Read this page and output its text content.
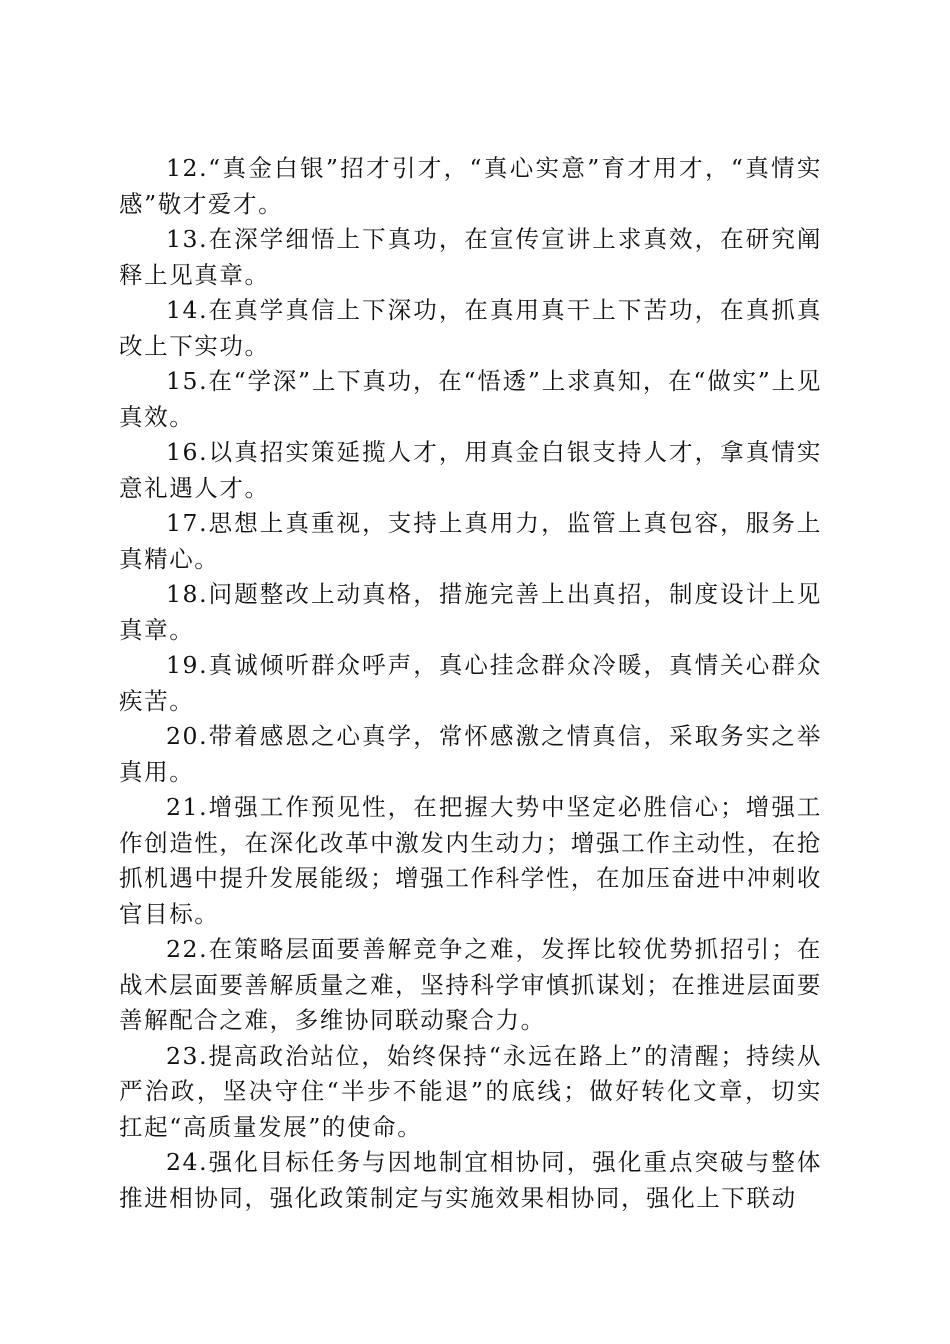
12.“真金白银”招才引才，“真心实意”育才用才，“真情实感”敬才爱才。

13.在深学细悟上下真功，在宣传宣讲上求真效，在研究阐释上见真章。

14.在真学真信上下深功，在真用真干上下苦功，在真抓真改上下实功。

15.在“学深”上下真功，在“悟透”上求真知，在“做实”上见真效。

16.以真招实策延揽人才，用真金白银支持人才，拿真情实意礼遇人才。

17.思想上真重视，支持上真用力，监管上真包容，服务上真精心。

18.问题整改上动真格，措施完善上出真招，制度设计上见真章。

19.真诚倾听群众呼声，真心挂念群众冷暖，真情关心群众疾苦。

20.带着感恩之心真学，常怀感激之情真信，采取务实之举真用。

21.增强工作预见性，在把握大势中坚定必胜信心；增强工作创造性，在深化改革中激发内生动力；增强工作主动性，在抢抓机遇中提升发展能级；增强工作科学性，在加压奋进中冲刺收官目标。

22.在策略层面要善解竞争之难，发挥比较优势抓招引；在战术层面要善解质量之难，坚持科学审慎抓谋划；在推进层面要善解配合之难，多维协同联动聚合力。

23.提高政治站位，始终保持“永远在路上”的清醒；持续从严治政，坚决守住“半步不能退”的底线；做好转化文章，切实扛起“高质量发展”的使命。

24.强化目标任务与因地制宜相协同，强化重点突破与整体推进相协同，强化政策制定与实施效果相协同，强化上下联动
